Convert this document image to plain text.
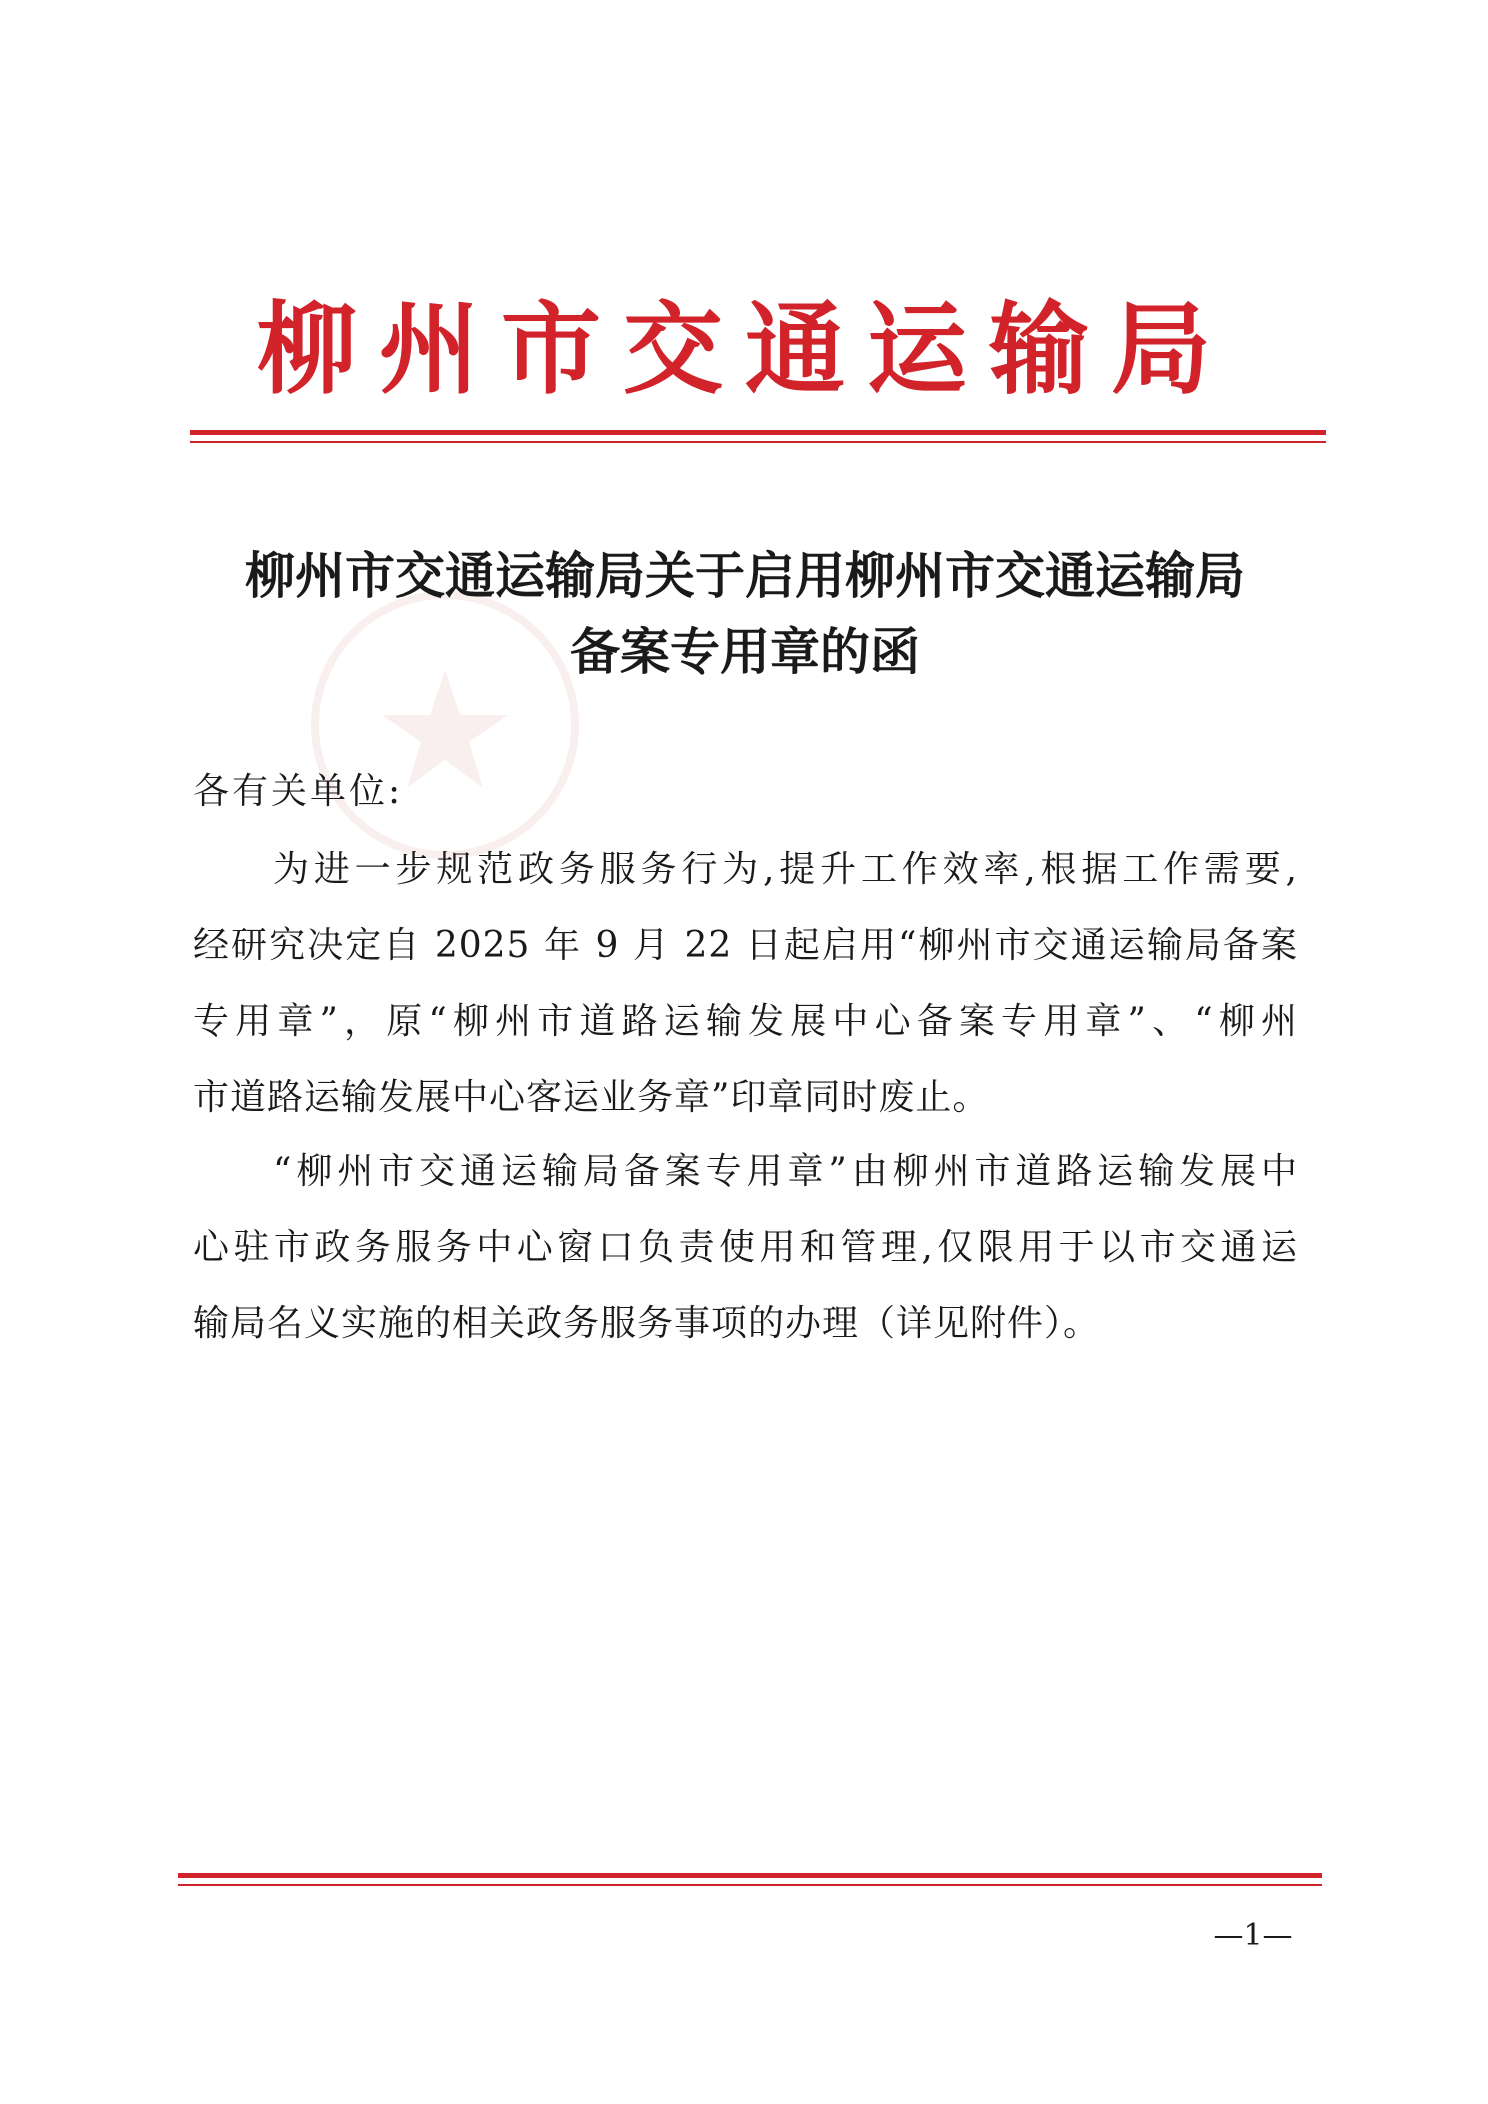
柳州市交通运输局
柳州市交通运输局关于启用柳州市交通运输局
备案专用章的函
各有关单位:
为进一步规范政务服务行为,提升工作效率,根据工作需要,
经研究决定自 2025 年 9 月 22 日起启用“柳州市交通运输局备案
专用章”，原“柳州市道路运输发展中心备案专用章”、“柳州
市道路运输发展中心客运业务章”印章同时废止。
“柳州市交通运输局备案专用章”由柳州市道路运输发展中
心驻市政务服务中心窗口负责使用和管理,仅限用于以市交通运
输局名义实施的相关政务服务事项的办理（详见附件）。
—1—
